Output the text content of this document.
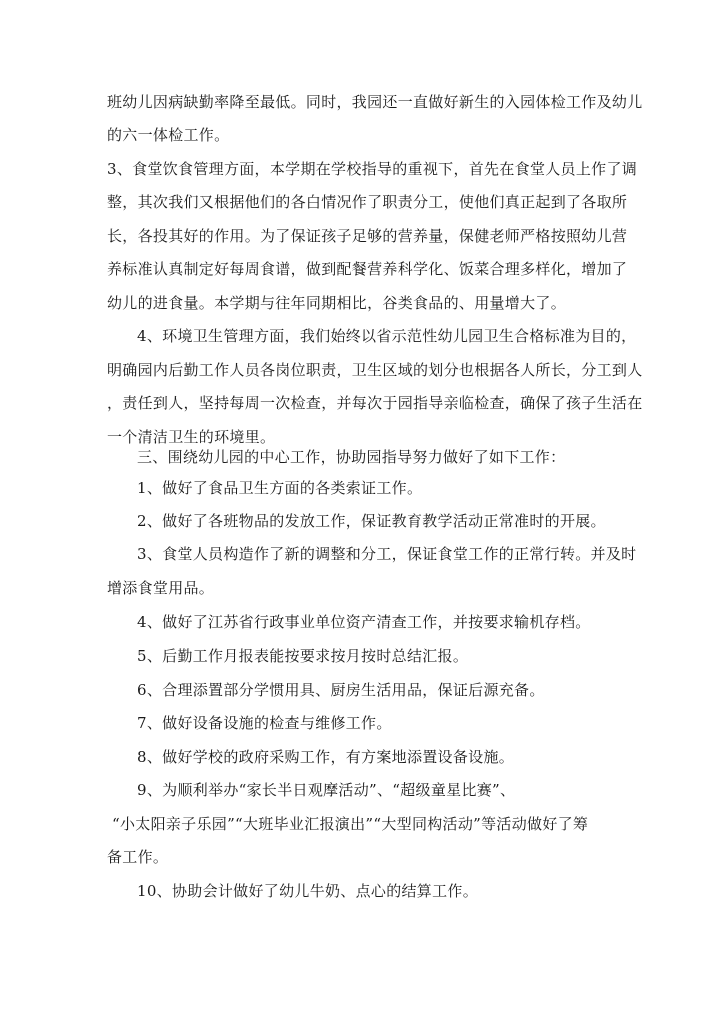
班幼儿因病缺勤率降至最低。同时，我园还一直做好新生的入园体检工作及幼儿
的六一体检工作。
3、食堂饮食管理方面，本学期在学校指导的重视下，首先在食堂人员上作了调
整，其次我们又根据他们的各白情况作了职责分工，使他们真正起到了各取所
长，各投其好的作用。为了保证孩子足够的营养量，保健老师严格按照幼儿营
养标准认真制定好每周食谱，做到配餐营养科学化、饭菜合理多样化，增加了
幼儿的进食量。本学期与往年同期相比，谷类食品的、用量增大了。
4、环境卫生管理方面，我们始终以省示范性幼儿园卫生合格标准为目的，
明确园内后勤工作人员各岗位职责，卫生区域的划分也根据各人所长，分工到人
，责任到人，坚持每周一次检查，并每次于园指导亲临检查，确保了孩子生活在
一个清洁卫生的环境里。
三、围绕幼儿园的中心工作，协助园指导努力做好了如下工作：
1、做好了食品卫生方面的各类索证工作。
2、做好了各班物品的发放工作，保证教育教学活动正常准时的开展。
3、食堂人员构造作了新的调整和分工，保证食堂工作的正常行转。并及时
增添食堂用品。
4、做好了江苏省行政事业单位资产清查工作，并按要求输机存档。
5、后勤工作月报表能按要求按月按时总结汇报。
6、合理添置部分学惯用具、厨房生活用品，保证后源充备。
7、做好设备设施的检查与维修工作。
8、做好学校的政府采购工作，有方案地添置设备设施。
9、为顺利举办“家长半日观摩活动”、“超级童星比赛”、
“小太阳亲子乐园”“大班毕业汇报演出”“大型同构活动”等活动做好了筹
备工作。
10、协助会计做好了幼儿牛奶、点心的结算工作。
